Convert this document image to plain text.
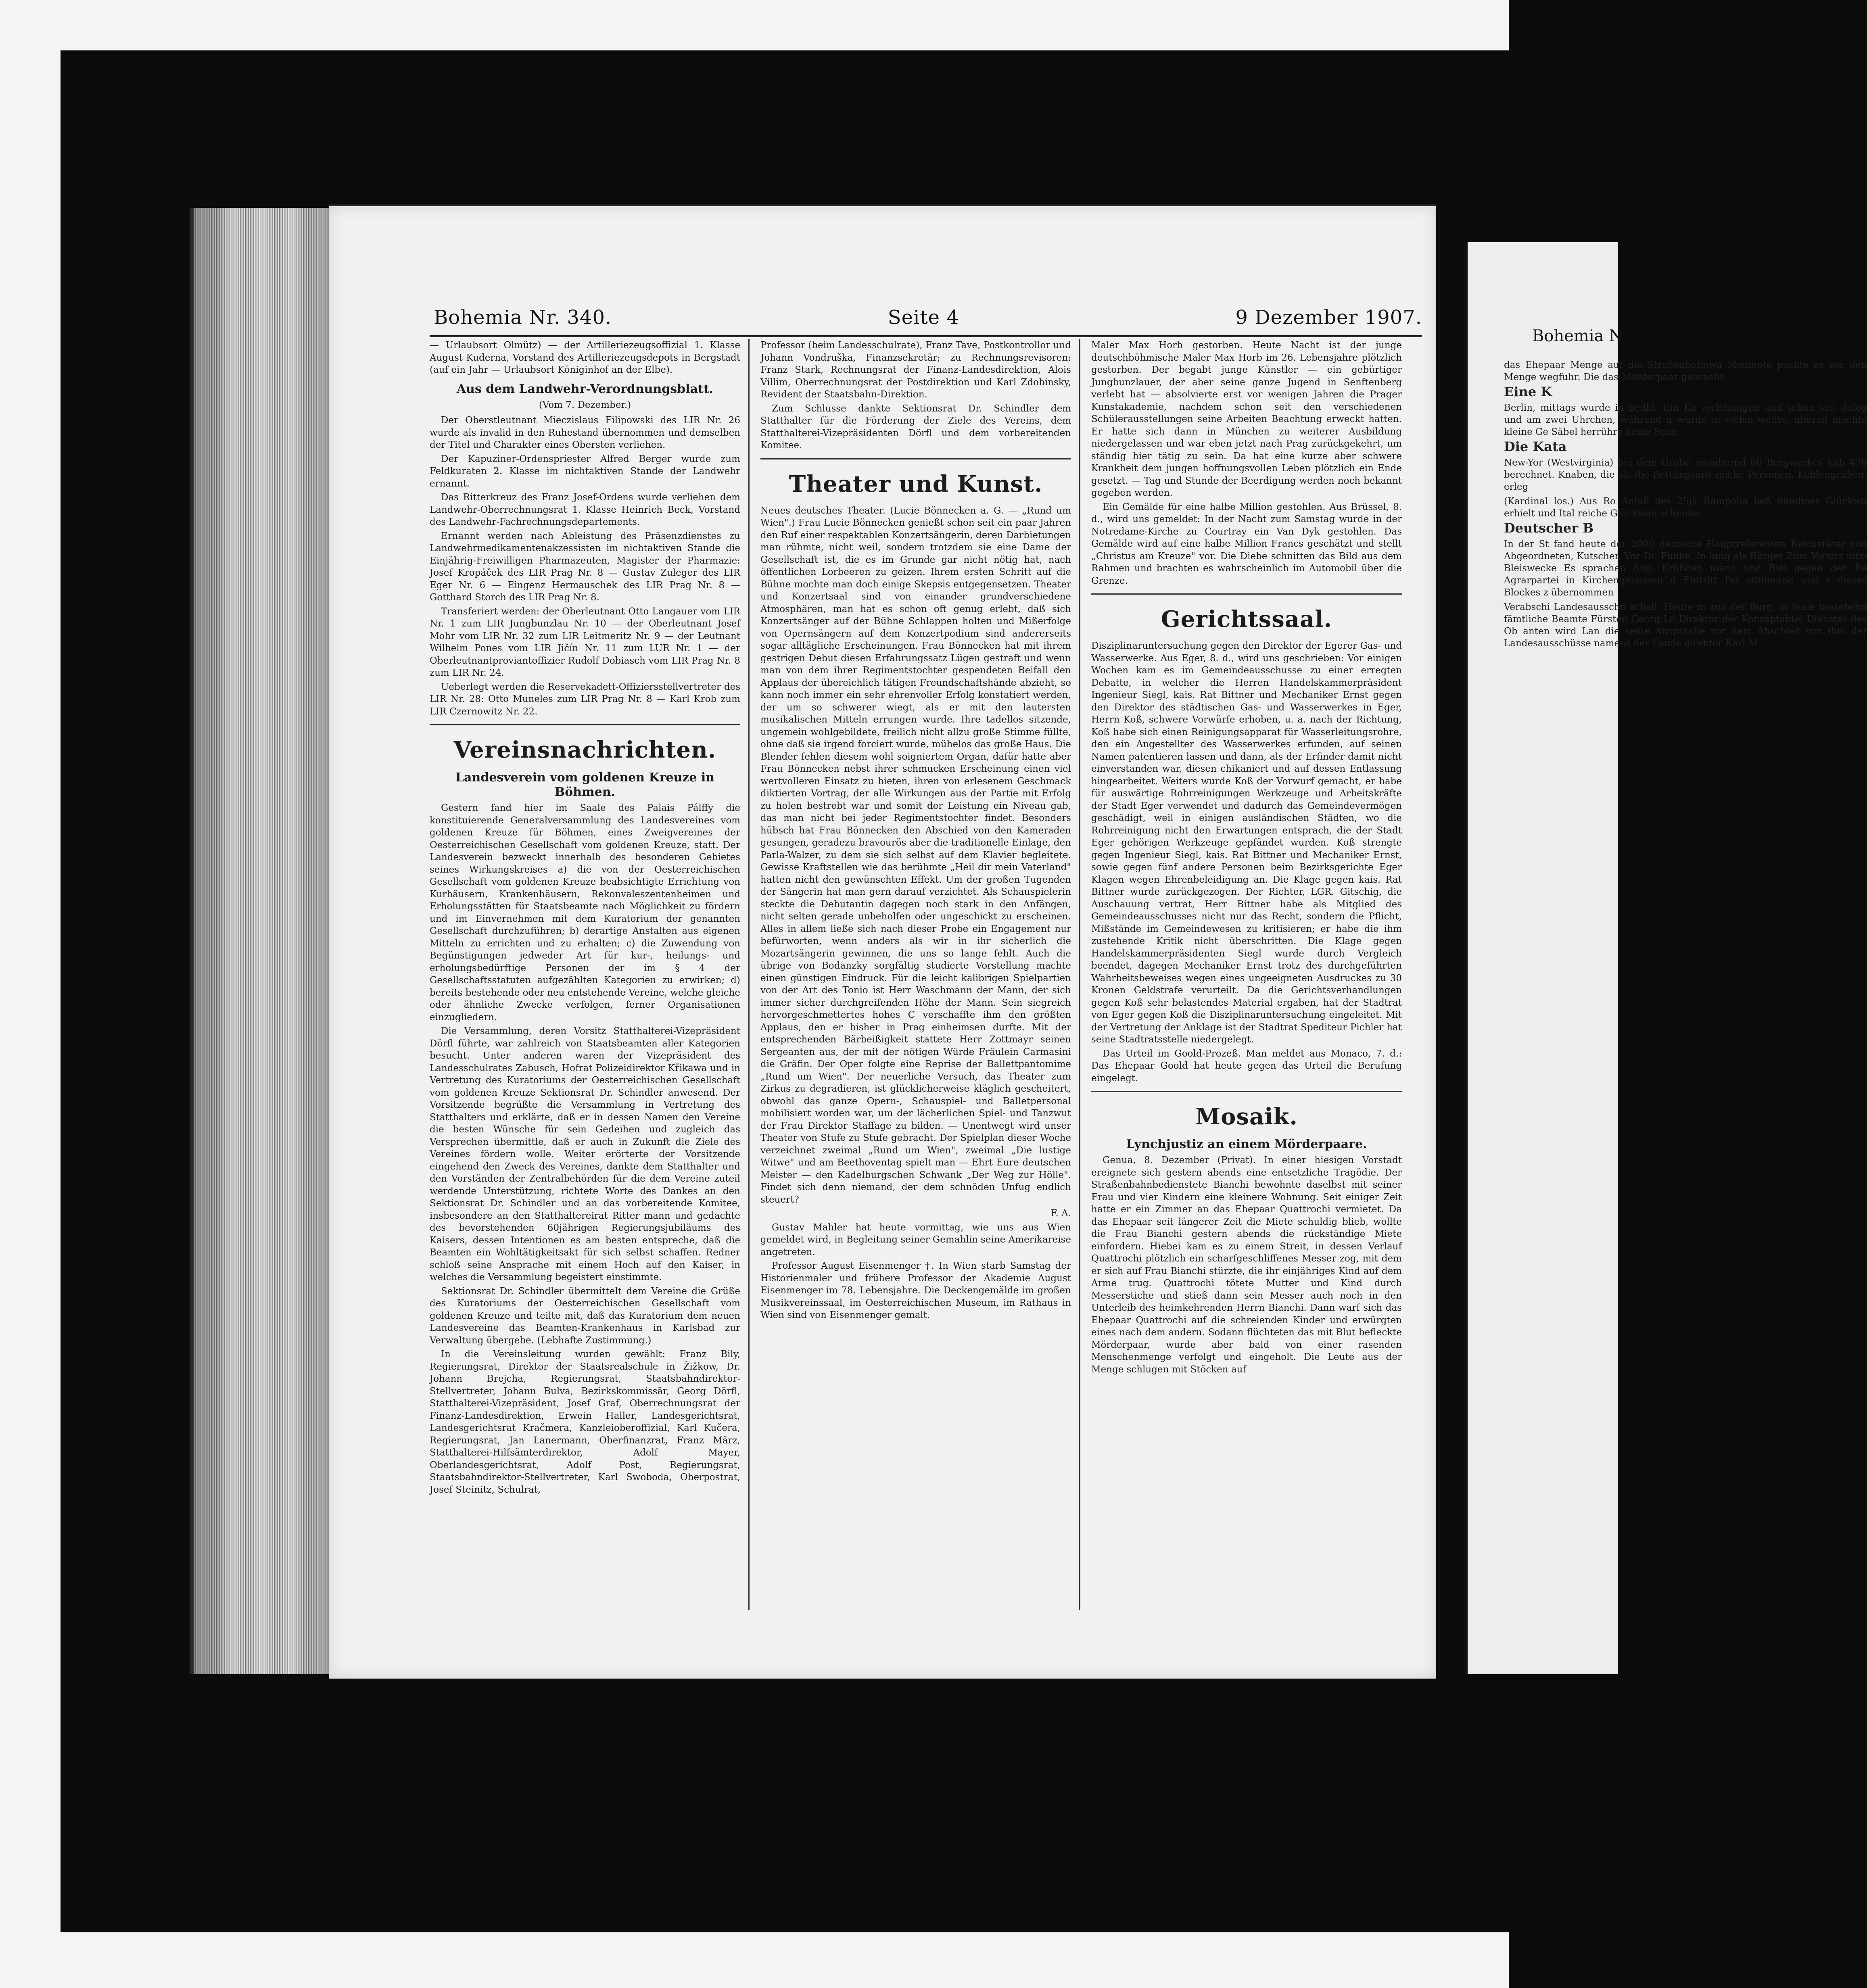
Bohemia Nr. 340.	Seite 4	9 Dezember 1907.

— Urlaubsort Olmütz) — der Artilleriezeugsoffizial 1. Klasse August Kuderna, Vorstand des Artilleriezeugsdepots in Bergstadt (auf ein Jahr — Urlaubsort Königinhof an der Elbe).

Aus dem Landwehr-Verordnungsblatt.

(Vom 7. Dezember.)

Der Oberstleutnant Mieczislaus Filipowski des LIR Nr. 26 wurde als invalid in den Ruhestand übernommen und demselben der Titel und Charakter eines Obersten verliehen.

Der Kapuziner-Ordenspriester Alfred Berger wurde zum Feldkuraten 2. Klasse im nichtaktiven Stande der Landwehr ernannt.

Das Ritterkreuz des Franz Josef-Ordens wurde verliehen dem Landwehr-Oberrechnungsrat 1. Klasse Heinrich Beck, Vorstand des Landwehr-Fachrechnungsdepartements.

Ernannt werden nach Ableistung des Präsenzdienstes zu Landwehrmedikamentenakzessisten im nichtaktiven Stande die Einjährig-Freiwilligen Pharmazeuten, Magister der Pharmazie: Josef Kropáček des LIR Prag Nr. 8 — Gustav Zuleger des LIR Eger Nr. 6 — Eingenz Hermauschek des LIR Prag Nr. 8 — Gotthard Storch des LIR Prag Nr. 8.

Transferiert werden: der Oberleutnant Otto Langauer vom LIR Nr. 1 zum LIR Jungbunzlau Nr. 10 — der Oberleutnant Josef Mohr vom LIR Nr. 32 zum LIR Leitmeritz Nr. 9 — der Leutnant Wilhelm Pones vom LIR Jičín Nr. 11 zum LUR Nr. 1 — der Oberleutnantproviantoffizier Rudolf Dobiasch vom LIR Prag Nr. 8 zum LIR Nr. 24.

Ueberlegt werden die Reservekadett-Offiziersstellvertreter des LIR Nr. 28: Otto Muneles zum LIR Prag Nr. 8 — Karl Krob zum LIR Czernowitz Nr. 22.

Vereinsnachrichten.
Landesverein vom goldenen Kreuze in Böhmen.

Gestern fand hier im Saale des Palais Pálffy die konstituierende Generalversammlung des Landesvereines vom goldenen Kreuze für Böhmen, eines Zweigvereines der Oesterreichischen Gesellschaft vom goldenen Kreuze, statt. Der Landesverein bezweckt innerhalb des besonderen Gebietes seines Wirkungskreises a) die von der Oesterreichischen Gesellschaft vom goldenen Kreuze beabsichtigte Errichtung von Kurhäusern, Krankenhäusern, Rekonvaleszentenheimen und Erholungsstätten für Staatsbeamte nach Möglichkeit zu fördern und im Einvernehmen mit dem Kuratorium der genannten Gesellschaft durchzuführen; b) derartige Anstalten aus eigenen Mitteln zu errichten und zu erhalten; c) die Zuwendung von Begünstigungen jedweder Art für kur-, heilungs- und erholungsbedürftige Personen der im § 4 der Gesellschaftsstatuten aufgezählten Kategorien zu erwirken; d) bereits bestehende oder neu entstehende Vereine, welche gleiche oder ähnliche Zwecke verfolgen, ferner Organisationen einzugliedern.

Die Versammlung, deren Vorsitz Statthalterei-Vizepräsident Dörfl führte, war zahlreich von Staatsbeamten aller Kategorien besucht. Unter anderen waren der Vizepräsident des Landesschulrates Zabusch, Hofrat Polizeidirektor Křikawa und in Vertretung des Kuratoriums der Oesterreichischen Gesellschaft vom goldenen Kreuze Sektionsrat Dr. Schindler anwesend. Der Vorsitzende begrüßte die Versammlung in Vertretung des Statthalters und erklärte, daß er in dessen Namen den Vereine die besten Wünsche für sein Gedeihen und zugleich das Versprechen übermittle, daß er auch in Zukunft die Ziele des Vereines fördern wolle. Weiter erörterte der Vorsitzende eingehend den Zweck des Vereines, dankte dem Statthalter und den Vorständen der Zentralbehörden für die dem Vereine zuteil werdende Unterstützung, richtete Worte des Dankes an den Sektionsrat Dr. Schindler und an das vorbereitende Komitee, insbesondere an den Statthaltereirat Ritter mann und gedachte des bevorstehenden 60jährigen Regierungsjubiläums des Kaisers, dessen Intentionen es am besten entspreche, daß die Beamten ein Wohltätigkeitsakt für sich selbst schaffen. Redner schloß seine Ansprache mit einem Hoch auf den Kaiser, in welches die Versammlung begeistert einstimmte.

Sektionsrat Dr. Schindler übermittelt dem Vereine die Grüße des Kuratoriums der Oesterreichischen Gesellschaft vom goldenen Kreuze und teilte mit, daß das Kuratorium dem neuen Landesvereine das Beamten-Krankenhaus in Karlsbad zur Verwaltung übergebe. (Lebhafte Zustimmung.)

In die Vereinsleitung wurden gewählt: Franz Bily, Regierungsrat, Direktor der Staatsrealschule in Žižkow, Dr. Johann Brejcha, Regierungsrat, Staatsbahndirektor-Stellvertreter, Johann Bulva, Bezirkskommissär, Georg Dörfl, Statthalterei-Vizepräsident, Josef Graf, Oberrechnungsrat der Finanz-Landesdirektion, Erwein Haller, Landesgerichtsrat, Landesgerichtsrat Kračmera, Kanzleioberoffizial, Karl Kučera, Regierungsrat, Jan Lanermann, Oberfinanzrat, Franz März, Statthalterei-Hilfsämterdirektor, Adolf Mayer, Oberlandesgerichtsrat, Adolf Post, Regierungsrat, Staatsbahndirektor-Stellvertreter, Karl Swoboda, Oberpostrat, Josef Steinitz, Schulrat,

Professor (beim Landesschulrate), Franz Tave, Postkontrollor und Johann Vondruška, Finanzsekretär; zu Rechnungsrevisoren: Franz Stark, Rechnungsrat der Finanz-Landesdirektion, Alois Villim, Oberrechnungsrat der Postdirektion und Karl Zdobinsky, Revident der Staatsbahn-Direktion.

Zum Schlusse dankte Sektionsrat Dr. Schindler dem Statthalter für die Förderung der Ziele des Vereins, dem Statthalterei-Vizepräsidenten Dörfl und dem vorbereitenden Komitee.

Theater und Kunst.

Neues deutsches Theater. (Lucie Bönnecken a. G. — „Rund um Wien".) Frau Lucie Bönnecken genießt schon seit ein paar Jahren den Ruf einer respektablen Konzertsängerin, deren Darbietungen man rühmte, nicht weil, sondern trotzdem sie eine Dame der Gesellschaft ist, die es im Grunde gar nicht nötig hat, nach öffentlichen Lorbeeren zu geizen. Ihrem ersten Schritt auf die Bühne mochte man doch einige Skepsis entgegensetzen. Theater und Konzertsaal sind von einander grundverschiedene Atmosphären, man hat es schon oft genug erlebt, daß sich Konzertsänger auf der Bühne Schlappen holten und Mißerfolge von Opernsängern auf dem Konzertpodium sind andererseits sogar alltägliche Erscheinungen. Frau Bönnecken hat mit ihrem gestrigen Debut diesen Erfahrungssatz Lügen gestraft und wenn man von dem ihrer Regimentstochter gespendeten Beifall den Applaus der übereichlich tätigen Freundschaftshände abzieht, so kann noch immer ein sehr ehrenvoller Erfolg konstatiert werden, der um so schwerer wiegt, als er mit den lautersten musikalischen Mitteln errungen wurde. Ihre tadellos sitzende, ungemein wohlgebildete, freilich nicht allzu große Stimme füllte, ohne daß sie irgend forciert wurde, mühelos das große Haus. Die Blender fehlen diesem wohl soigniertem Organ, dafür hatte aber Frau Bönnecken nebst ihrer schmucken Erscheinung einen viel wertvolleren Einsatz zu bieten, ihren von erlesenem Geschmack diktierten Vortrag, der alle Wirkungen aus der Partie mit Erfolg zu holen bestrebt war und somit der Leistung ein Niveau gab, das man nicht bei jeder Regimentstochter findet. Besonders hübsch hat Frau Bönnecken den Abschied von den Kameraden gesungen, geradezu bravourös aber die traditionelle Einlage, den Parla-Walzer, zu dem sie sich selbst auf dem Klavier begleitete. Gewisse Kraftstellen wie das berühmte „Heil dir mein Vaterland" hatten nicht den gewünschten Effekt. Um der großen Tugenden der Sängerin hat man gern darauf verzichtet. Als Schauspielerin steckte die Debutantin dagegen noch stark in den Anfängen, nicht selten gerade unbeholfen oder ungeschickt zu erscheinen. Alles in allem ließe sich nach dieser Probe ein Engagement nur befürworten, wenn anders als wir in ihr sicherlich die Mozartsängerin gewinnen, die uns so lange fehlt. Auch die übrige von Bodanzky sorgfältig studierte Vorstellung machte einen günstigen Eindruck. Für die leicht kalibrigen Spielpartien von der Art des Tonio ist Herr Waschmann der Mann, der sich immer sicher durchgreifenden Höhe der Mann. Sein siegreich hervorgeschmettertes hohes C verschaffte ihm den größten Applaus, den er bisher in Prag einheimsen durfte. Mit der entsprechenden Bärbeißigkeit stattete Herr Zottmayr seinen Sergeanten aus, der mit der nötigen Würde Fräulein Carmasini die Gräfin. Der Oper folgte eine Reprise der Ballettpantomime „Rund um Wien". Der neuerliche Versuch, das Theater zum Zirkus zu degradieren, ist glücklicherweise kläglich gescheitert, obwohl das ganze Opern-, Schauspiel- und Balletpersonal mobilisiert worden war, um der lächerlichen Spiel- und Tanzwut der Frau Direktor Staffage zu bilden. — Unentwegt wird unser Theater von Stufe zu Stufe gebracht. Der Spielplan dieser Woche verzeichnet zweimal „Rund um Wien", zweimal „Die lustige Witwe" und am Beethoventag spielt man — Ehrt Eure deutschen Meister — den Kadelburgschen Schwank „Der Weg zur Hölle". Findet sich denn niemand, der dem schnöden Unfug endlich steuert?

F. A.

Gustav Mahler hat heute vormittag, wie uns aus Wien gemeldet wird, in Begleitung seiner Gemahlin seine Amerikareise angetreten.

Professor August Eisenmenger †. In Wien starb Samstag der Historienmaler und frühere Professor der Akademie August Eisenmenger im 78. Lebensjahre. Die Deckengemälde im großen Musikvereinssaal, im Oesterreichischen Museum, im Rathaus in Wien sind von Eisenmenger gemalt.

Maler Max Horb gestorben. Heute Nacht ist der junge deutschböhmische Maler Max Horb im 26. Lebensjahre plötzlich gestorben. Der begabt junge Künstler — ein gebürtiger Jungbunzlauer, der aber seine ganze Jugend in Senftenberg verlebt hat — absolvierte erst vor wenigen Jahren die Prager Kunstakademie, nachdem schon seit den verschiedenen Schülerausstellungen seine Arbeiten Beachtung erweckt hatten. Er hatte sich dann in München zu weiterer Ausbildung niedergelassen und war eben jetzt nach Prag zurückgekehrt, um ständig hier tätig zu sein. Da hat eine kurze aber schwere Krankheit dem jungen hoffnungsvollen Leben plötzlich ein Ende gesetzt. — Tag und Stunde der Beerdigung werden noch bekannt gegeben werden.

Ein Gemälde für eine halbe Million gestohlen. Aus Brüssel, 8. d., wird uns gemeldet: In der Nacht zum Samstag wurde in der Notredame-Kirche zu Courtray ein Van Dyk gestohlen. Das Gemälde wird auf eine halbe Million Francs geschätzt und stellt „Christus am Kreuze" vor. Die Diebe schnitten das Bild aus dem Rahmen und brachten es wahrscheinlich im Automobil über die Grenze.

Gerichtssaal.

Disziplinaruntersuchung gegen den Direktor der Egerer Gas- und Wasserwerke. Aus Eger, 8. d., wird uns geschrieben: Vor einigen Wochen kam es im Gemeindeausschusse zu einer erregten Debatte, in welcher die Herren Handelskammerpräsident Ingenieur Siegl, kais. Rat Bittner und Mechaniker Ernst gegen den Direktor des städtischen Gas- und Wasserwerkes in Eger, Herrn Koß, schwere Vorwürfe erhoben, u. a. nach der Richtung, Koß habe sich einen Reinigungsapparat für Wasserleitungsrohre, den ein Angestellter des Wasserwerkes erfunden, auf seinen Namen patentieren lassen und dann, als der Erfinder damit nicht einverstanden war, diesen chikaniert und auf dessen Entlassung hingearbeitet. Weiters wurde Koß der Vorwurf gemacht, er habe für auswärtige Rohrreinigungen Werkzeuge und Arbeitskräfte der Stadt Eger verwendet und dadurch das Gemeindevermögen geschädigt, weil in einigen ausländischen Städten, wo die Rohrreinigung nicht den Erwartungen entsprach, die der Stadt Eger gehörigen Werkzeuge gepfändet wurden. Koß strengte gegen Ingenieur Siegl, kais. Rat Bittner und Mechaniker Ernst, sowie gegen fünf andere Personen beim Bezirksgerichte Eger Klagen wegen Ehrenbeleidigung an. Die Klage gegen kais. Rat Bittner wurde zurückgezogen. Der Richter, LGR. Gitschig, die Auschauung vertrat, Herr Bittner habe als Mitglied des Gemeindeausschusses nicht nur das Recht, sondern die Pflicht, Mißstände im Gemeindewesen zu kritisieren; er habe die ihm zustehende Kritik nicht überschritten. Die Klage gegen Handelskammerpräsidenten Siegl wurde durch Vergleich beendet, dagegen Mechaniker Ernst trotz des durchgeführten Wahrheitsbeweises wegen eines ungeeigneten Ausdruckes zu 30 Kronen Geldstrafe verurteilt. Da die Gerichtsverhandlungen gegen Koß sehr belastendes Material ergaben, hat der Stadtrat von Eger gegen Koß die Disziplinaruntersuchung eingeleitet. Mit der Vertretung der Anklage ist der Stadtrat Spediteur Pichler hat seine Stadtratsstelle niedergelegt.

Das Urteil im Goold-Prozeß. Man meldet aus Monaco, 7. d.: Das Ehepaar Goold hat heute gegen das Urteil die Berufung eingelegt.

Mosaik.
Lynchjustiz an einem Mörderpaare.

Genua, 8. Dezember (Privat). In einer hiesigen Vorstadt ereignete sich gestern abends eine entsetzliche Tragödie. Der Straßenbahnbedienstete Bianchi bewohnte daselbst mit seiner Frau und vier Kindern eine kleinere Wohnung. Seit einiger Zeit hatte er ein Zimmer an das Ehepaar Quattrochi vermietet. Da das Ehepaar seit längerer Zeit die Miete schuldig blieb, wollte die Frau Bianchi gestern abends die rückständige Miete einfordern. Hiebei kam es zu einem Streit, in dessen Verlauf Quattrochi plötzlich ein scharfgeschliffenes Messer zog, mit dem er sich auf Frau Bianchi stürzte, die ihr einjähriges Kind auf dem Arme trug. Quattrochi tötete Mutter und Kind durch Messerstiche und stieß dann sein Messer auch noch in den Unterleib des heimkehrenden Herrn Bianchi. Dann warf sich das Ehepaar Quattrochi auf die schreienden Kinder und erwürgten eines nach dem andern. Sodann flüchteten das mit Blut befleckte Mörderpaar, wurde aber bald von einer rasenden Menschenmenge verfolgt und eingeholt. Die Leute aus der Menge schlugen mit Stöcken auf

Bohemia N

das Ehepaar Menge auf die Straßenbahnwa Momente packte es vor den Menge wegfuhr. Die das Mörderpaar gebracht.

Eine K

Berlin, mittags wurde in bedkt. Ein Ka verlehungen und schon seit dolog und am zwei Uhrchen, während u wurde in vielen weilte, überall machte kleine Ge Säbel herrühre keine Spur.

Die Kata

New-Yor (Westvirginia) bei dem Grube annähernd 60 Bergwerkes hab 478 berechnet. Knaben, die als die Rettungsarb reiche Personen, Kohlengruben, erleg

(Kardinal los.) Aus Ro Anlaß des 25jä Rampolla ließ händiges Glückwu erhielt und Ital reiche Glückwun schenke.

Deutscher B

In der St fand heute der 2000 deutsche Hauptreferenten Reichsräter von Abgeordneten, Kutscher, Vor Dr. Funke. In lung als Bürger Zum Vorsitz nitz-Bleiswecke Es sprachen Abg. Krüßner, mann und Blei gegen den Re Agrarpartei in Kirchengenossen d Eintritt Pet stimmung und z dieses Blockes z übernommen

Verabschi Landesausschu schall. Heute m aus der Burg, in feale besiebend fämtliche Beamte Fürsten Georg Lo Direktor der Konzeptabtei Dienstes des Ob anten wird Lan die seine Ansprache vor dem Abschied von ihm der Landesausschüsse namens der Lande direktor Karl M
